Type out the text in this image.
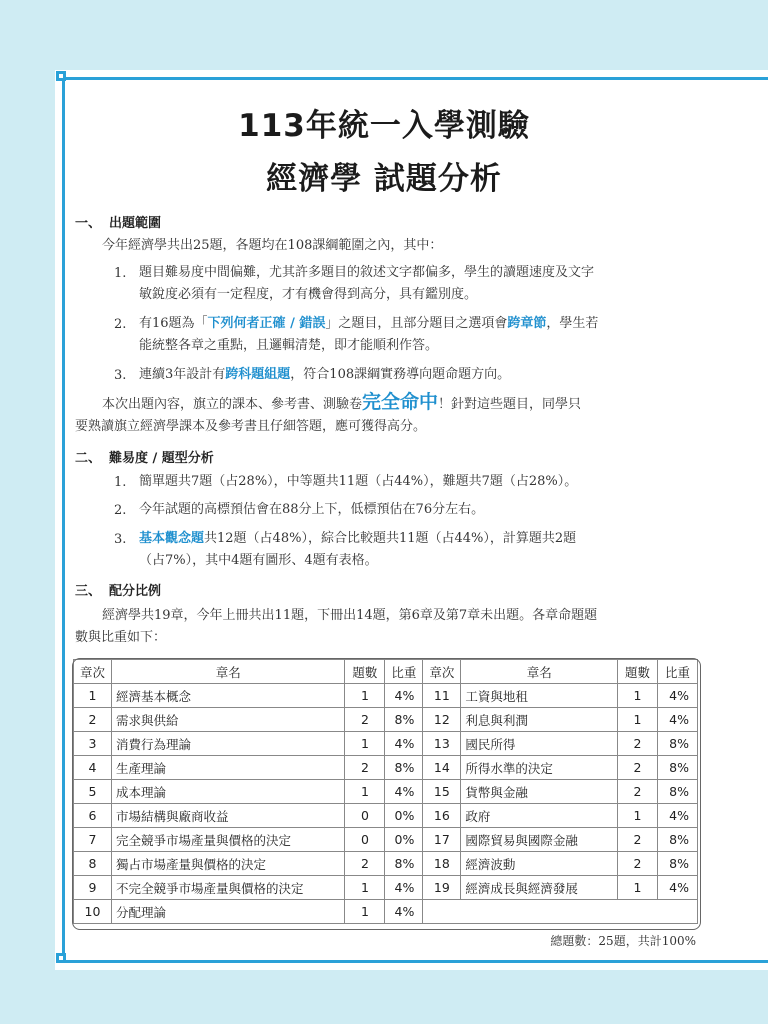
113年統一入學測驗
經濟學 試題分析
一、 出題範圍
今年經濟學共出25題，各題均在108課綱範圍之內，其中：
1. 題目難易度中間偏難，尤其許多題目的敘述文字都偏多，學生的讀題速度及文字
敏銳度必須有一定程度，才有機會得到高分，具有鑑別度。
2. 有16題為「下列何者正確 / 錯誤」之題目，且部分題目之選項會跨章節，學生若
能統整各章之重點，且邏輯清楚，即才能順利作答。
3. 連續3年設計有跨科題組題，符合108課綱實務導向題命題方向。
本次出題內容，旗立的課本、參考書、測驗卷完全命中！針對這些題目，同學只
要熟讀旗立經濟學課本及參考書且仔細答題，應可獲得高分。
二、 難易度 / 題型分析
1. 簡單題共7題（占28%），中等題共11題（占44%），難題共7題（占28%）。
2. 今年試題的高標預估會在88分上下，低標預估在76分左右。
3. 基本觀念題共12題（占48%），綜合比較題共11題（占44%），計算題共2題
（占7%），其中4題有圖形、4題有表格。
三、 配分比例
經濟學共19章，今年上冊共出11題，下冊出14題，第6章及第7章未出題。各章命題題
數與比重如下：
章次	章名	題數	比重	章次	章名	題數	比重
1	經濟基本概念	1	4%	11	工資與地租	1	4%
2	需求與供給	2	8%	12	利息與利潤	1	4%
3	消費行為理論	1	4%	13	國民所得	2	8%
4	生產理論	2	8%	14	所得水準的決定	2	8%
5	成本理論	1	4%	15	貨幣與金融	2	8%
6	市場結構與廠商收益	0	0%	16	政府	1	4%
7	完全競爭市場產量與價格的決定	0	0%	17	國際貿易與國際金融	2	8%
8	獨占市場產量與價格的決定	2	8%	18	經濟波動	2	8%
9	不完全競爭市場產量與價格的決定	1	4%	19	經濟成長與經濟發展	1	4%
10	分配理論	1	4%				
總題數：25題，共計100%
